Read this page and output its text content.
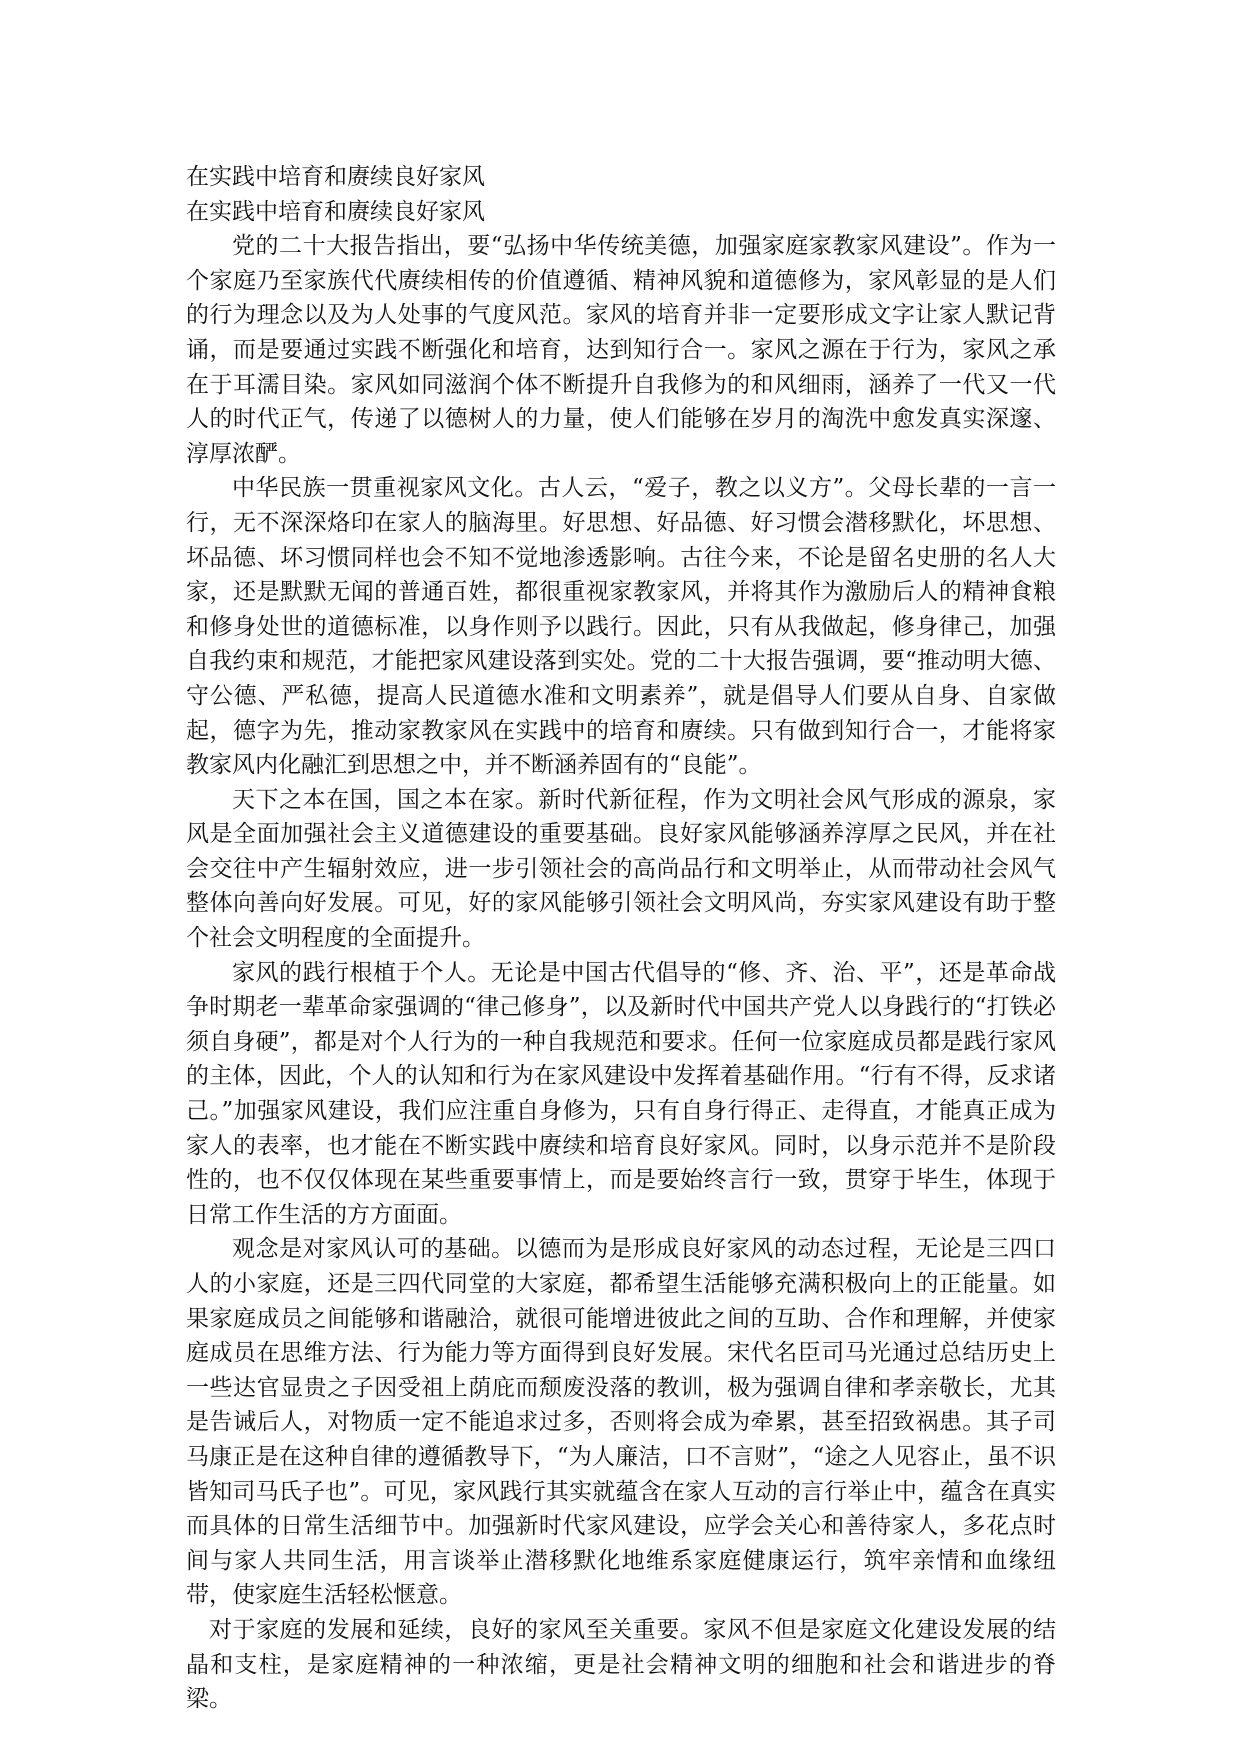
在实践中培育和赓续良好家风

在实践中培育和赓续良好家风

党的二十大报告指出，要“弘扬中华传统美德，加强家庭家教家风建设”。作为一个家庭乃至家族代代赓续相传的价值遵循、精神风貌和道德修为，家风彰显的是人们的行为理念以及为人处事的气度风范。家风的培育并非一定要形成文字让家人默记背诵，而是要通过实践不断强化和培育，达到知行合一。家风之源在于行为，家风之承在于耳濡目染。家风如同滋润个体不断提升自我修为的和风细雨，涵养了一代又一代人的时代正气，传递了以德树人的力量，使人们能够在岁月的淘洗中愈发真实深邃、淳厚浓酽。

中华民族一贯重视家风文化。古人云，“爱子，教之以义方”。父母长辈的一言一行，无不深深烙印在家人的脑海里。好思想、好品德、好习惯会潜移默化，坏思想、坏品德、坏习惯同样也会不知不觉地渗透影响。古往今来，不论是留名史册的名人大家，还是默默无闻的普通百姓，都很重视家教家风，并将其作为激励后人的精神食粮和修身处世的道德标准，以身作则予以践行。因此，只有从我做起，修身律己，加强自我约束和规范，才能把家风建设落到实处。党的二十大报告强调，要“推动明大德、守公德、严私德，提高人民道德水准和文明素养”，就是倡导人们要从自身、自家做起，德字为先，推动家教家风在实践中的培育和赓续。只有做到知行合一，才能将家教家风内化融汇到思想之中，并不断涵养固有的“良能”。

天下之本在国，国之本在家。新时代新征程，作为文明社会风气形成的源泉，家风是全面加强社会主义道德建设的重要基础。良好家风能够涵养淳厚之民风，并在社会交往中产生辐射效应，进一步引领社会的高尚品行和文明举止，从而带动社会风气整体向善向好发展。可见，好的家风能够引领社会文明风尚，夯实家风建设有助于整个社会文明程度的全面提升。

家风的践行根植于个人。无论是中国古代倡导的“修、齐、治、平”，还是革命战争时期老一辈革命家强调的“律己修身”，以及新时代中国共产党人以身践行的“打铁必须自身硬”，都是对个人行为的一种自我规范和要求。任何一位家庭成员都是践行家风的主体，因此，个人的认知和行为在家风建设中发挥着基础作用。“行有不得，反求诸己。”加强家风建设，我们应注重自身修为，只有自身行得正、走得直，才能真正成为家人的表率，也才能在不断实践中赓续和培育良好家风。同时，以身示范并不是阶段性的，也不仅仅体现在某些重要事情上，而是要始终言行一致，贯穿于毕生，体现于日常工作生活的方方面面。

观念是对家风认可的基础。以德而为是形成良好家风的动态过程，无论是三四口人的小家庭，还是三四代同堂的大家庭，都希望生活能够充满积极向上的正能量。如果家庭成员之间能够和谐融洽，就很可能增进彼此之间的互助、合作和理解，并使家庭成员在思维方法、行为能力等方面得到良好发展。宋代名臣司马光通过总结历史上一些达官显贵之子因受祖上荫庇而颓废没落的教训，极为强调自律和孝亲敬长，尤其是告诫后人，对物质一定不能追求过多，否则将会成为牵累，甚至招致祸患。其子司马康正是在这种自律的遵循教导下，“为人廉洁，口不言财”，“途之人见容止，虽不识皆知司马氏子也”。可见，家风践行其实就蕴含在家人互动的言行举止中，蕴含在真实而具体的日常生活细节中。加强新时代家风建设，应学会关心和善待家人，多花点时间与家人共同生活，用言谈举止潜移默化地维系家庭健康运行，筑牢亲情和血缘纽带，使家庭生活轻松惬意。

对于家庭的发展和延续，良好的家风至关重要。家风不但是家庭文化建设发展的结晶和支柱，是家庭精神的一种浓缩，更是社会精神文明的细胞和社会和谐进步的脊梁。
